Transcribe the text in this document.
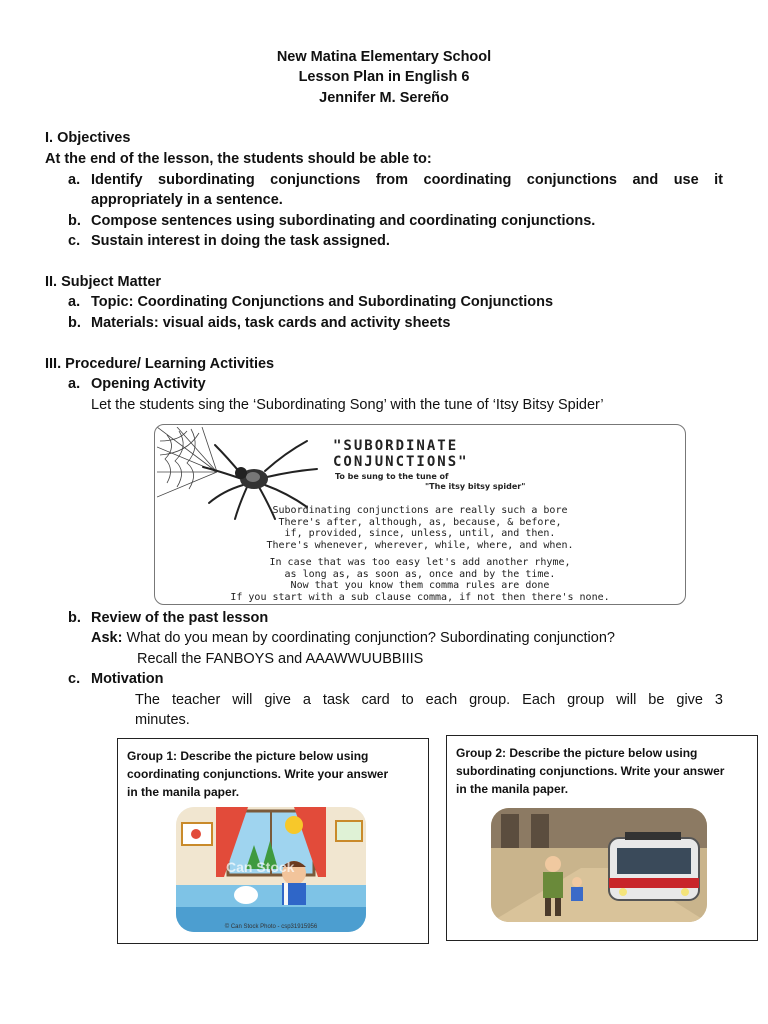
New Matina Elementary School
Lesson Plan in English 6
Jennifer M. Sereño
I. Objectives
At the end of the lesson, the students should be able to:
a. Identify subordinating conjunctions from coordinating conjunctions and use it
appropriately in a sentence.
b. Compose sentences using subordinating and coordinating conjunctions.
c. Sustain interest in doing the task assigned.
II. Subject Matter
a. Topic: Coordinating Conjunctions and Subordinating Conjunctions
b. Materials: visual aids, task cards and activity sheets
III. Procedure/ Learning Activities
a. Opening Activity
Let the students sing the ‘Subordinating Song’ with the tune of ‘Itsy Bitsy Spider’
"SUBORDINATE
CONJUNCTIONS"
To be sung to the tune of
"The itsy bitsy spider"
Subordinating conjunctions are really such a bore
There's after, although, as, because, & before,
if, provided, since, unless, until, and then.
There's whenever, wherever, while, where, and when.
In case that was too easy let's add another rhyme,
as long as, as soon as, once and by the time.
Now that you know them comma rules are done
If you start with a sub clause comma, if not then there's none.
b. Review of the past lesson
Ask: What do you mean by coordinating conjunction? Subordinating conjunction?
Recall the FANBOYS and AAAWWUUBBIIIS
c. Motivation
The teacher will give a task card to each group. Each group will be give 3
minutes.
Group 1: Describe the picture below using
coordinating conjunctions. Write your answer
in the manila paper.
© Can Stock Photo - csp31915956
Can Stock
Group 2: Describe the picture below using
subordinating conjunctions. Write your answer
in the manila paper.
